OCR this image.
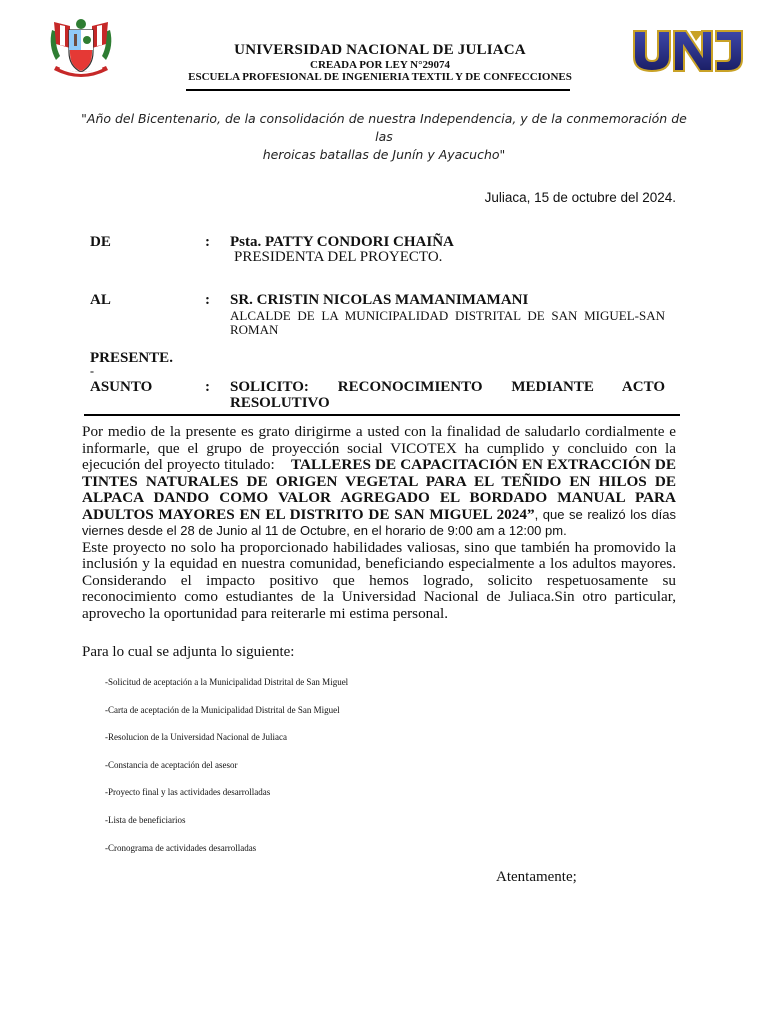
UNIVERSIDAD NACIONAL DE JULIACA
CREADA POR LEY N°29074
ESCUELA PROFESIONAL DE INGENIERIA TEXTIL Y DE CONFECCIONES
"Año del Bicentenario, de la consolidación de nuestra Independencia, y de la conmemoración de las
heroicas batallas de Junín y Ayacucho"
Juliaca, 15 de octubre del 2024.
DE	: Psta. PATTY CONDORI CHAIÑA
PRESIDENTA DEL PROYECTO.
AL	: SR. CRISTIN NICOLAS MAMANIMAMANI
ALCALDE DE LA MUNICIPALIDAD DISTRITAL DE SAN MIGUEL-SAN ROMAN
PRESENTE.
-
ASUNTO	: SOLICITO: RECONOCIMIENTO MEDIANTE ACTO RESOLUTIVO
Por medio de la presente es grato dirigirme a usted con la finalidad de saludarlo cordialmente e informarle, que el grupo de proyección social VICOTEX ha cumplido y concluido con la ejecución del proyecto titulado: TALLERES DE CAPACITACIÓN EN EXTRACCIÓN DE TINTES NATURALES DE ORIGEN VEGETAL PARA EL TEÑIDO EN HILOS DE ALPACA DANDO COMO VALOR AGREGADO EL BORDADO MANUAL PARA ADULTOS MAYORES EN EL DISTRITO DE SAN MIGUEL 2024”, que se realizó los días viernes desde el 28 de Junio al 11 de Octubre, en el horario de 9:00 am a 12:00 pm.
Este proyecto no solo ha proporcionado habilidades valiosas, sino que también ha promovido la inclusión y la equidad en nuestra comunidad, beneficiando especialmente a los adultos mayores. Considerando el impacto positivo que hemos logrado, solicito respetuosamente su reconocimiento como estudiantes de la Universidad Nacional de Juliaca.Sin otro particular, aprovecho la oportunidad para reiterarle mi estima personal.
Para lo cual se adjunta lo siguiente:
-Solicitud de aceptación a la Municipalidad Distrital de San Miguel
-Carta de aceptación de la Municipalidad Distrital de San Miguel
-Resolucion de la Universidad Nacional de Juliaca
-Constancia de aceptación del asesor
-Proyecto final y las actividades desarrolladas
-Lista de beneficiarios
-Cronograma de actividades desarrolladas
Atentamente;
